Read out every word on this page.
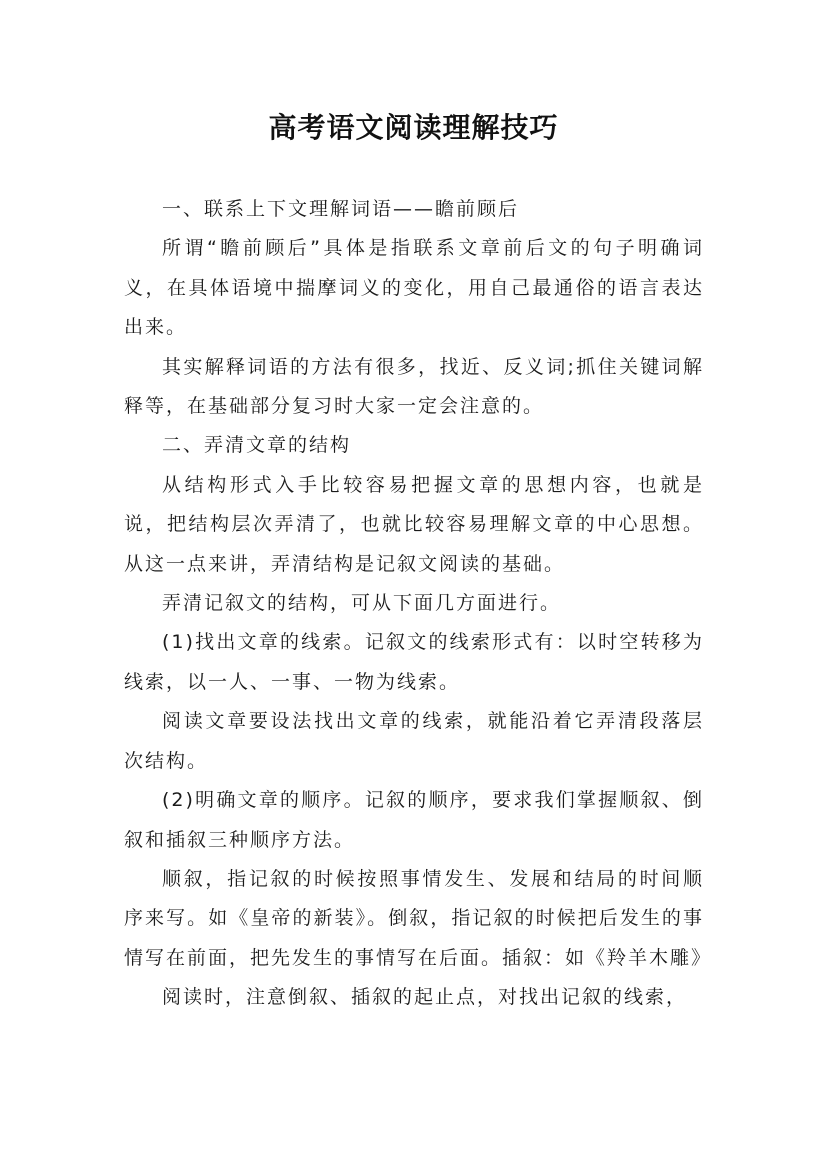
高考语文阅读理解技巧

一、联系上下文理解词语——瞻前顾后

所谓“瞻前顾后”具体是指联系文章前后文的句子明确词义，在具体语境中揣摩词义的变化，用自己最通俗的语言表达出来。

其实解释词语的方法有很多，找近、反义词;抓住关键词解释等，在基础部分复习时大家一定会注意的。

二、弄清文章的结构

从结构形式入手比较容易把握文章的思想内容，也就是说，把结构层次弄清了，也就比较容易理解文章的中心思想。从这一点来讲，弄清结构是记叙文阅读的基础。

弄清记叙文的结构，可从下面几方面进行。

(1)找出文章的线索。记叙文的线索形式有：以时空转移为线索，以一人、一事、一物为线索。

阅读文章要设法找出文章的线索，就能沿着它弄清段落层次结构。

(2)明确文章的顺序。记叙的顺序，要求我们掌握顺叙、倒叙和插叙三种顺序方法。

顺叙，指记叙的时候按照事情发生、发展和结局的时间顺序来写。如《皇帝的新装》。倒叙，指记叙的时候把后发生的事情写在前面，把先发生的事情写在后面。插叙：如《羚羊木雕》

阅读时，注意倒叙、插叙的起止点，对找出记叙的线索，
